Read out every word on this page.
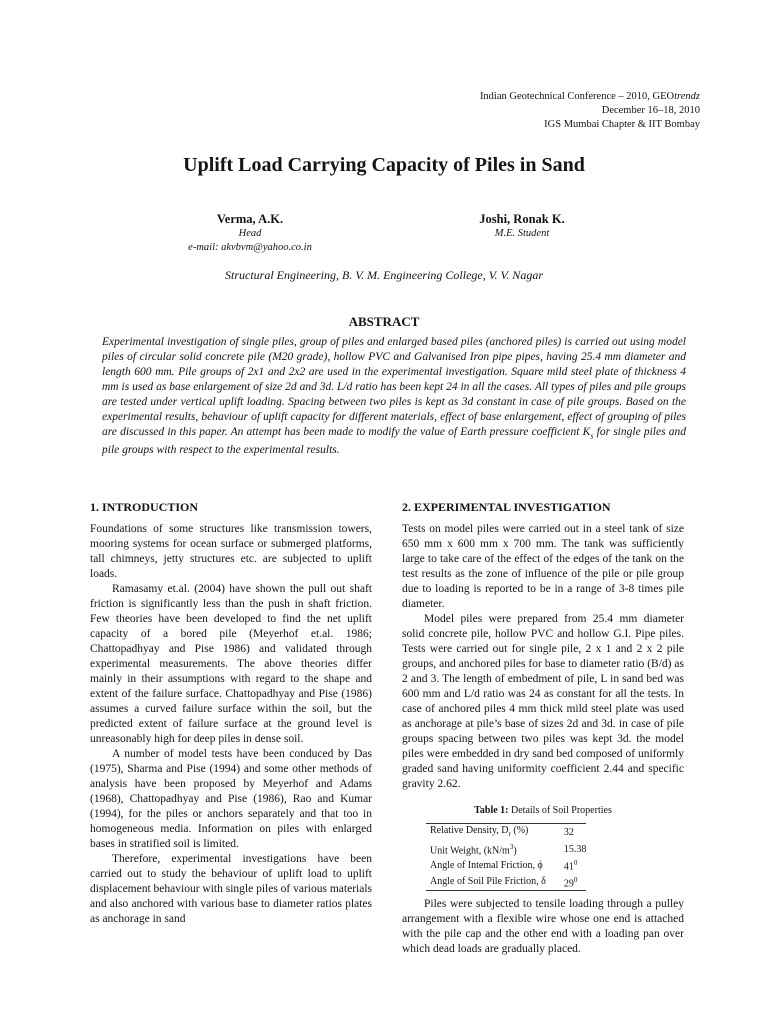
Indian Geotechnical Conference – 2010, GEOtrendz
December 16–18, 2010
IGS Mumbai Chapter & IIT Bombay
Uplift Load Carrying Capacity of Piles in Sand
Verma, A.K.
Head
e-mail: akvbvm@yahoo.co.in
Joshi, Ronak K.
M.E. Student
Structural Engineering, B. V. M. Engineering College, V. V. Nagar
ABSTRACT
Experimental investigation of single piles, group of piles and enlarged based piles (anchored piles) is carried out using model piles of circular solid concrete pile (M20 grade), hollow PVC and Galvanised Iron pipe pipes, having 25.4 mm diameter and length 600 mm. Pile groups of 2x1 and 2x2 are used in the experimental investigation. Square mild steel plate of thickness 4 mm is used as base enlargement of size 2d and 3d. L/d ratio has been kept 24 in all the cases. All types of piles and pile groups are tested under vertical uplift loading. Spacing between two piles is kept as 3d constant in case of pile groups. Based on the experimental results, behaviour of uplift capacity for different materials, effect of base enlargement, effect of grouping of piles are discussed in this paper. An attempt has been made to modify the value of Earth pressure coefficient $K_s$ for single piles and pile groups with respect to the experimental results.
1. INTRODUCTION

Foundations of some structures like transmission towers, mooring systems for ocean surface or submerged platforms, tall chimneys, jetty structures etc. are subjected to uplift loads.

Ramasamy et.al. (2004) have shown the pull out shaft friction is significantly less than the push in shaft friction. Few theories have been developed to find the net uplift capacity of a bored pile (Meyerhof et.al. 1986; Chattopadhyay and Pise 1986) and validated through experimental measurements. The above theories differ mainly in their assumptions with regard to the shape and extent of the failure surface. Chattopadhyay and Pise (1986) assumes a curved failure surface within the soil, but the predicted extent of failure surface at the ground level is unreasonably high for deep piles in dense soil.

A number of model tests have been conduced by Das (1975), Sharma and Pise (1994) and some other methods of analysis have been proposed by Meyerhof and Adams (1968), Chattopadhyay and Pise (1986), Rao and Kumar (1994), for the piles or anchors separately and that too in homogeneous media. Information on piles with enlarged bases in stratified soil is limited.

Therefore, experimental investigations have been carried out to study the behaviour of uplift load to uplift displacement behaviour with single piles of various materials and also anchored with various base to diameter ratios plates as anchorage in sand

2. EXPERIMENTAL INVESTIGATION

Tests on model piles were carried out in a steel tank of size 650 mm x 600 mm x 700 mm. The tank was sufficiently large to take care of the effect of the edges of the tank on the test results as the zone of influence of the pile or pile group due to loading is reported to be in a range of 3-8 times pile diameter.

Model piles were prepared from 25.4 mm diameter solid concrete pile, hollow PVC and hollow G.I. Pipe piles. Tests were carried out for single pile, 2 x 1 and 2 x 2 pile groups, and anchored piles for base to diameter ratio (B/d) as 2 and 3. The length of embedment of pile, L in sand bed was 600 mm and L/d ratio was 24 as constant for all the tests. In case of anchored piles 4 mm thick mild steel plate was used as anchorage at pile’s base of sizes 2d and 3d. in case of pile groups spacing between two piles was kept 3d. the model piles were embedded in dry sand bed composed of uniformly graded sand having uniformity coefficient 2.44 and specific gravity 2.62.

Table 1: Details of Soil Properties
Relative Density, $D_r$ (%)	32
Unit Weight, $(kN/m^3)$	15.38
Angle of Intemal Friction, ϕ	$41^0$
Angle of Soil Pile Friction, δ	$29^0$

Piles were subjected to tensile loading through a pulley arrangement with a flexible wire whose one end is attached with the pile cap and the other end with a loading pan over which dead loads are gradually placed.
